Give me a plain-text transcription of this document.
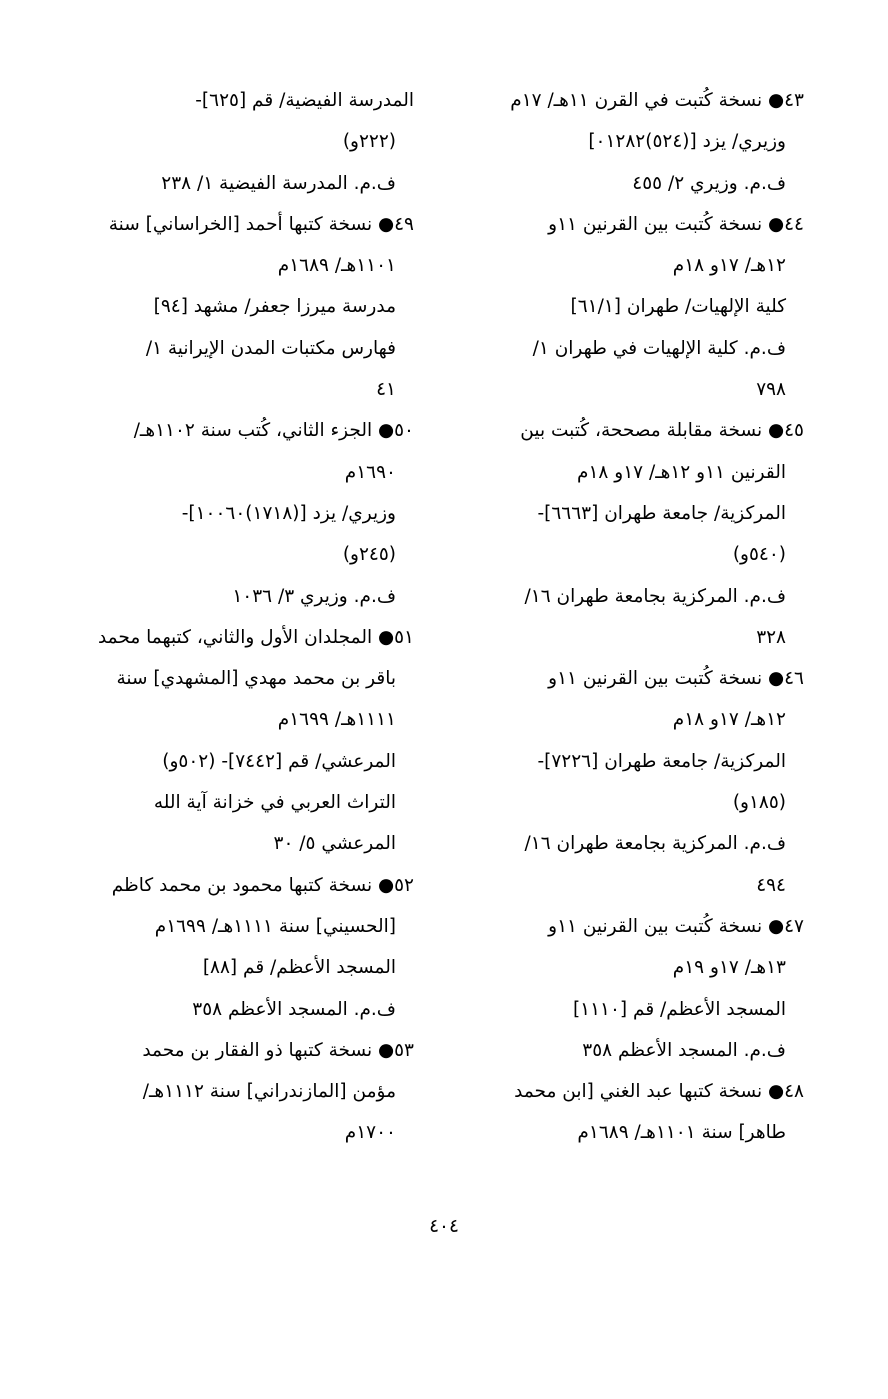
٤٣● نسخة كُتبت في القرن ١١هـ/ ١٧م
وزيري/ يزد [(٥٢٤)٠١٢٨٢]
ف.م. وزيري ٢/ ٤٥٥
٤٤● نسخة كُتبت بين القرنين ١١و
١٢هـ/ ١٧و ١٨م
كلية الإلهيات/ طهران [٦١/١]
ف.م. كلية الإلهيات في طهران ١/
٧٩٨
٤٥● نسخة مقابلة مصححة، كُتبت بين
القرنين ١١و ١٢هـ/ ١٧و ١٨م
المركزية/ جامعة طهران [٦٦٦٣]-
(٥٤٠و)
ف.م. المركزية بجامعة طهران ١٦/
٣٢٨
٤٦● نسخة كُتبت بين القرنين ١١و
١٢هـ/ ١٧و ١٨م
المركزية/ جامعة طهران [٧٢٢٦]-
(١٨٥و)
ف.م. المركزية بجامعة طهران ١٦/
٤٩٤
٤٧● نسخة كُتبت بين القرنين ١١و
١٣هـ/ ١٧و ١٩م
المسجد الأعظم/ قم [١١١٠]
ف.م. المسجد الأعظم ٣٥٨
٤٨● نسخة كتبها عبد الغني [ابن محمد
طاهر] سنة ١١٠١هـ/ ١٦٨٩م
المدرسة الفيضية/ قم [٦٢٥]-
(٢٢٢و)
ف.م. المدرسة الفيضية ١/ ٢٣٨
٤٩● نسخة كتبها أحمد [الخراساني] سنة
١١٠١هـ/ ١٦٨٩م
مدرسة ميرزا جعفر/ مشهد [٩٤]
فهارس مكتبات المدن الإيرانية ١/
٤١
٥٠● الجزء الثاني، كُتب سنة ١١٠٢هـ/
١٦٩٠م
وزيري/ يزد [(١٧١٨)١٠٠٦٠]-
(٢٤٥و)
ف.م. وزيري ٣/ ١٠٣٦
٥١● المجلدان الأول والثاني، كتبهما محمد
باقر بن محمد مهدي [المشهدي] سنة
١١١١هـ/ ١٦٩٩م
المرعشي/ قم [٧٤٤٢]- (٥٠٢و)
التراث العربي في خزانة آية الله
المرعشي ٥/ ٣٠
٥٢● نسخة كتبها محمود بن محمد كاظم
[الحسيني] سنة ١١١١هـ/ ١٦٩٩م
المسجد الأعظم/ قم [٨٨]
ف.م. المسجد الأعظم ٣٥٨
٥٣● نسخة كتبها ذو الفقار بن محمد
مؤمن [المازندراني] سنة ١١١٢هـ/
١٧٠٠م
٤٠٤
